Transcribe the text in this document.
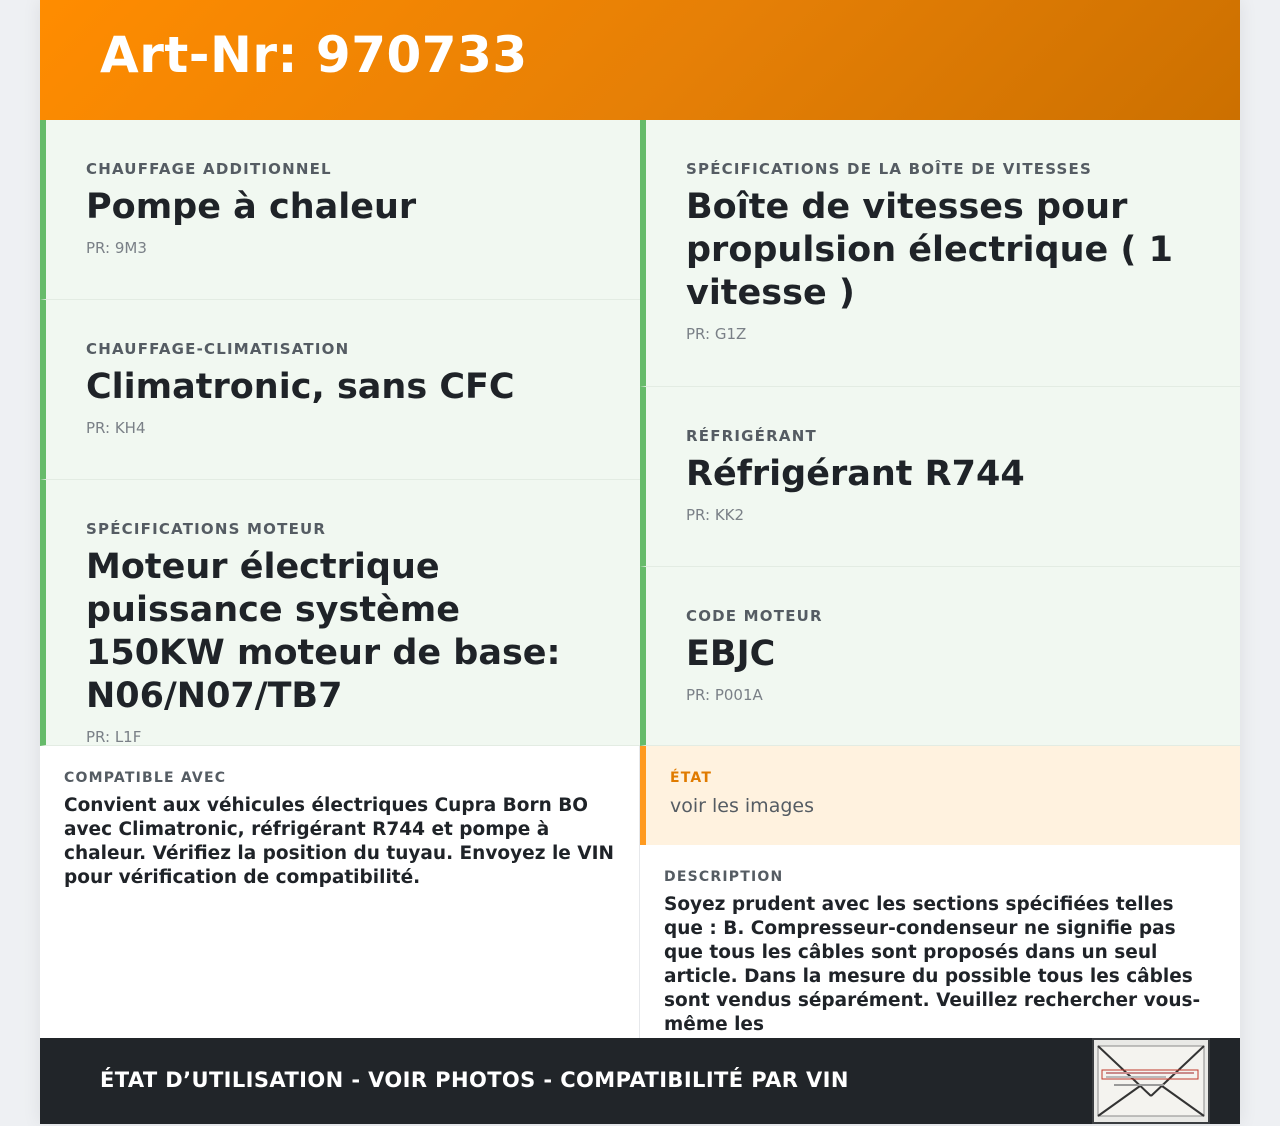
Art-Nr: 970733
CHAUFFAGE ADDITIONNEL
Pompe à chaleur
PR: 9M3
CHAUFFAGE-CLIMATISATION
Climatronic, sans CFC
PR: KH4
SPÉCIFICATIONS MOTEUR
Moteur électrique puissance système 150KW moteur de base: N06/N07/TB7
PR: L1F
SPÉCIFICATIONS DE LA BOÎTE DE VITESSES
Boîte de vitesses pour propulsion électrique ( 1 vitesse )
PR: G1Z
RÉFRIGÉRANT
Réfrigérant R744
PR: KK2
CODE MOTEUR
EBJC
PR: P001A
COMPATIBLE AVEC
Convient aux véhicules électriques Cupra Born BO avec Climatronic, réfrigérant R744 et pompe à chaleur. Vérifiez la position du tuyau. Envoyez le VIN pour vérification de compatibilité.
ÉTAT
voir les images
DESCRIPTION
Soyez prudent avec les sections spécifiées telles que : B. Compresseur-condenseur ne signifie pas que tous les câbles sont proposés dans un seul article. Dans la mesure du possible tous les câbles sont vendus séparément. Veuillez rechercher vous-même les
ÉTAT D’UTILISATION - VOIR PHOTOS - COMPATIBILITÉ PAR VIN
